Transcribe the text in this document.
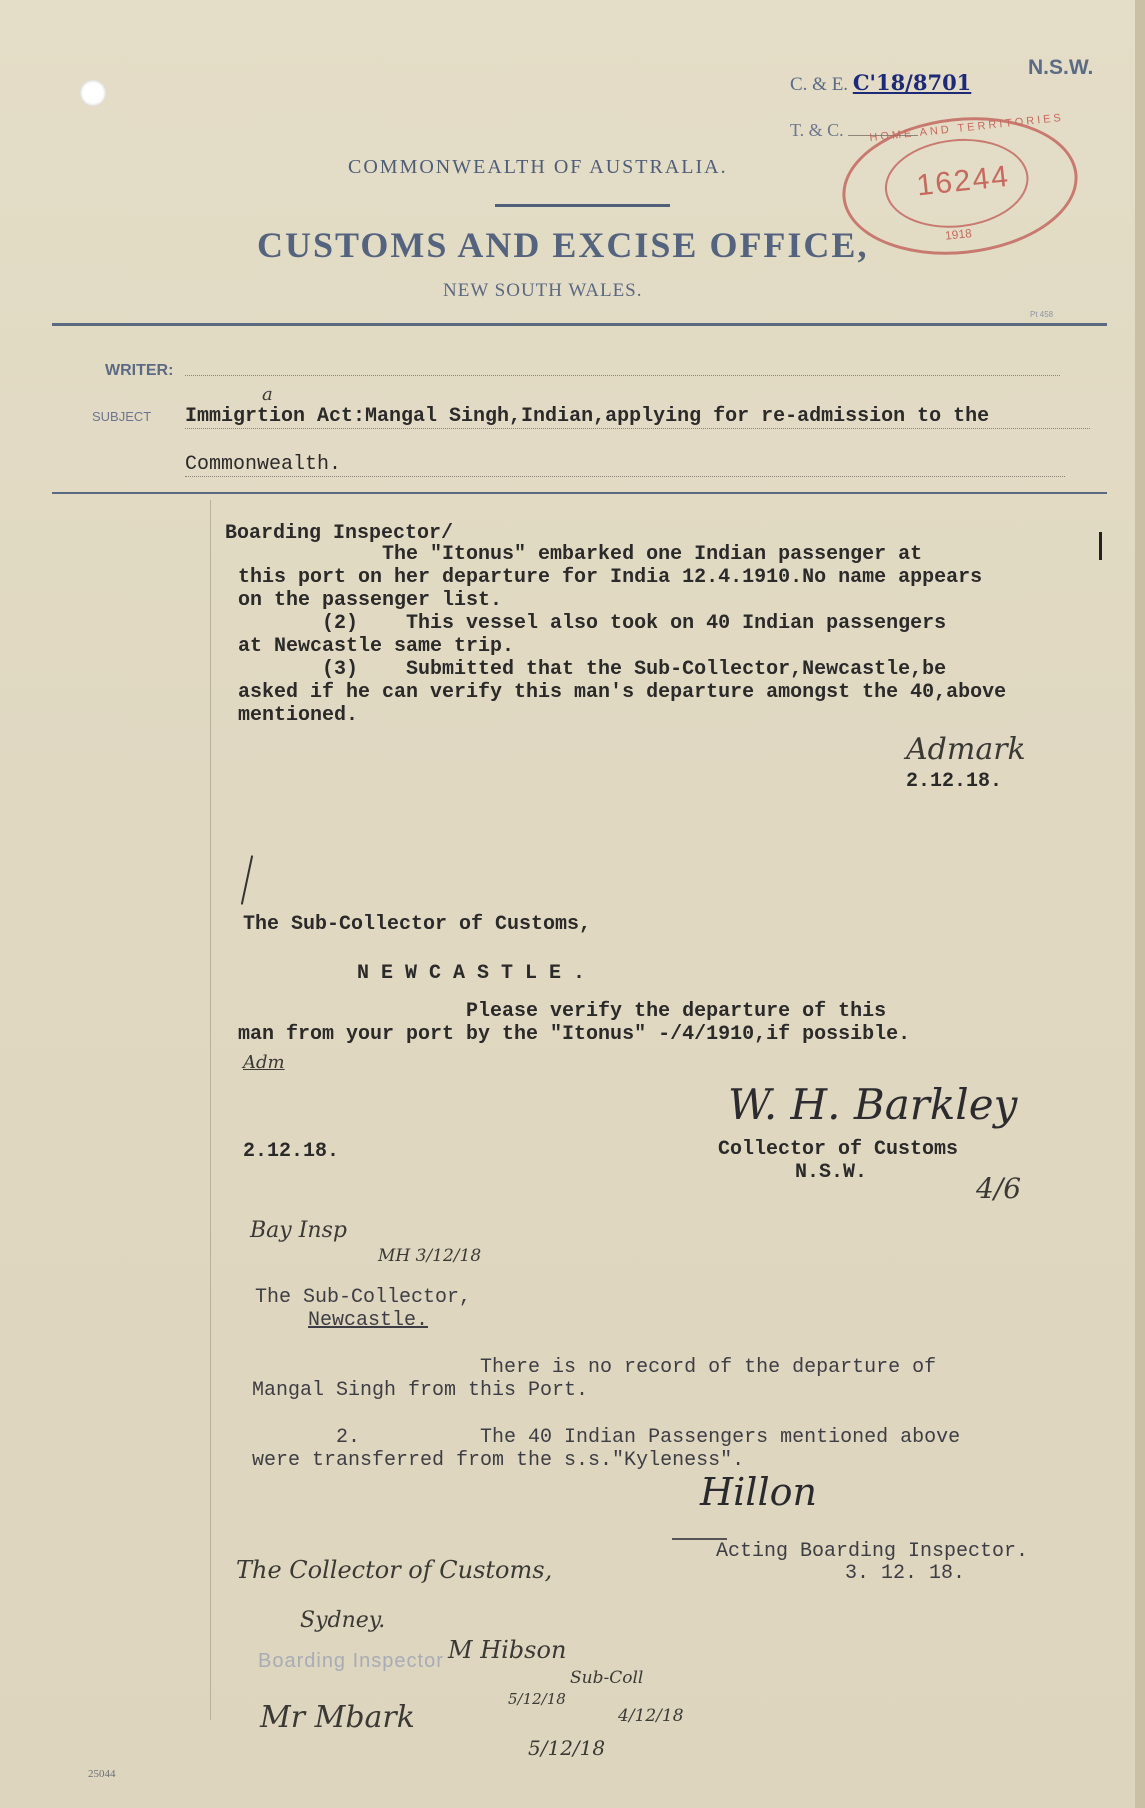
C. & E. C'18/8701
N.S.W.
T. & C.
COMMONWEALTH OF AUSTRALIA.
CUSTOMS AND EXCISE OFFICE,
NEW SOUTH WALES.
Pt 458
16244
HOME AND TERRITORIES
1918
WRITER:
SUBJECT Immigrtion Act:Mangal Singh,Indian,applying for re-admission to the
a
Commonwealth.
Boarding Inspector/
The "Itonus" embarked one Indian passenger at
this port on her departure for India 12.4.1910.No name appears
on the passenger list.
(2)    This vessel also took on 40 Indian passengers
at Newcastle same trip.
(3)    Submitted that the Sub-Collector,Newcastle,be
asked if he can verify this man's departure amongst the 40,above
mentioned.
Admark
2.12.18.
The Sub-Collector of Customs,
N E W C A S T L E .
Please verify the departure of this
man from your port by the "Itonus" -/4/1910,if possible.
Adm
W. H. Barkley
2.12.18.	Collector of Customs
N.S.W.	4/6
Bay Insp
MH 3/12/18
The Sub-Collector,
Newcastle.
There is no record of the departure of
Mangal Singh from this Port.
2.          The 40 Indian Passengers mentioned above
were transferred from the s.s."Kyleness".
Hillon
Acting Boarding Inspector.
3. 12. 18.
The Collector of Customs,
Sydney.
Boarding Inspector M Hibson
Sub-Coll
4/12/18
Mr Mbark
5/12/18
5/12/18
25044
